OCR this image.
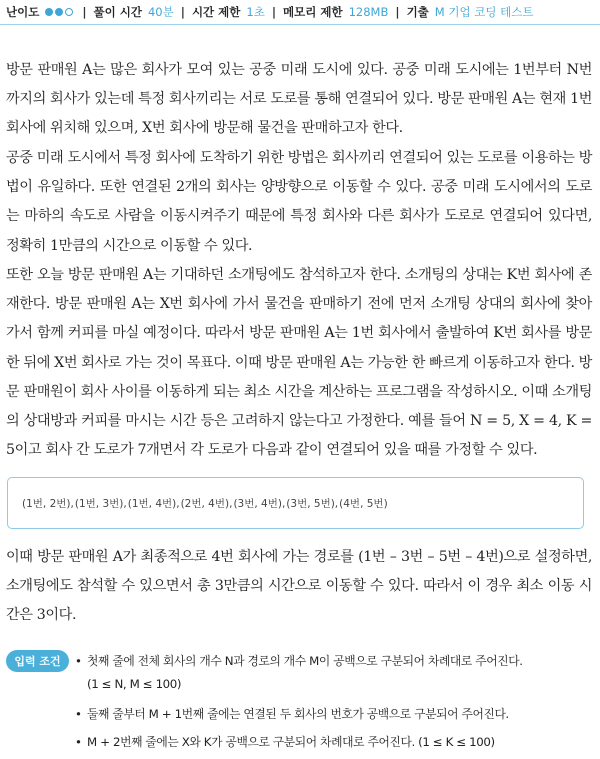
난이도	| 풀이 시간 40분 | 시간 제한 1초 | 메모리 제한 128MB | 기출 M 기업 코딩 테스트

방문 판매원 A는 많은 회사가 모여 있는 공중 미래 도시에 있다. 공중 미래 도시에는 1번부터 N번까지의 회사가 있는데 특정 회사끼리는 서로 도로를 통해 연결되어 있다. 방문 판매원 A는 현재 1번 회사에 위치해 있으며, X번 회사에 방문해 물건을 판매하고자 한다.

공중 미래 도시에서 특정 회사에 도착하기 위한 방법은 회사끼리 연결되어 있는 도로를 이용하는 방법이 유일하다. 또한 연결된 2개의 회사는 양방향으로 이동할 수 있다. 공중 미래 도시에서의 도로는 마하의 속도로 사람을 이동시켜주기 때문에 특정 회사와 다른 회사가 도로로 연결되어 있다면, 정확히 1만큼의 시간으로 이동할 수 있다.

또한 오늘 방문 판매원 A는 기대하던 소개팅에도 참석하고자 한다. 소개팅의 상대는 K번 회사에 존재한다. 방문 판매원 A는 X번 회사에 가서 물건을 판매하기 전에 먼저 소개팅 상대의 회사에 찾아가서 함께 커피를 마실 예정이다. 따라서 방문 판매원 A는 1번 회사에서 출발하여 K번 회사를 방문한 뒤에 X번 회사로 가는 것이 목표다. 이때 방문 판매원 A는 가능한 한 빠르게 이동하고자 한다. 방문 판매원이 회사 사이를 이동하게 되는 최소 시간을 계산하는 프로그램을 작성하시오. 이때 소개팅의 상대방과 커피를 마시는 시간 등은 고려하지 않는다고 가정한다. 예를 들어 N = 5, X = 4, K = 5이고 회사 간 도로가 7개면서 각 도로가 다음과 같이 연결되어 있을 때를 가정할 수 있다.

(1번, 2번), (1번, 3번), (1번, 4번), (2번, 4번), (3번, 4번), (3번, 5번), (4번, 5번)

이때 방문 판매원 A가 최종적으로 4번 회사에 가는 경로를 (1번 – 3번 – 5번 – 4번)으로 설정하면, 소개팅에도 참석할 수 있으면서 총 3만큼의 시간으로 이동할 수 있다. 따라서 이 경우 최소 이동 시간은 3이다.

입력 조건	• 첫째 줄에 전체 회사의 개수 N과 경로의 개수 M이 공백으로 구분되어 차례대로 주어진다.
(1 ≤ N, M ≤ 100)
• 둘째 줄부터 M + 1번째 줄에는 연결된 두 회사의 번호가 공백으로 구분되어 주어진다.
• M + 2번째 줄에는 X와 K가 공백으로 구분되어 차례대로 주어진다. (1 ≤ K ≤ 100)
